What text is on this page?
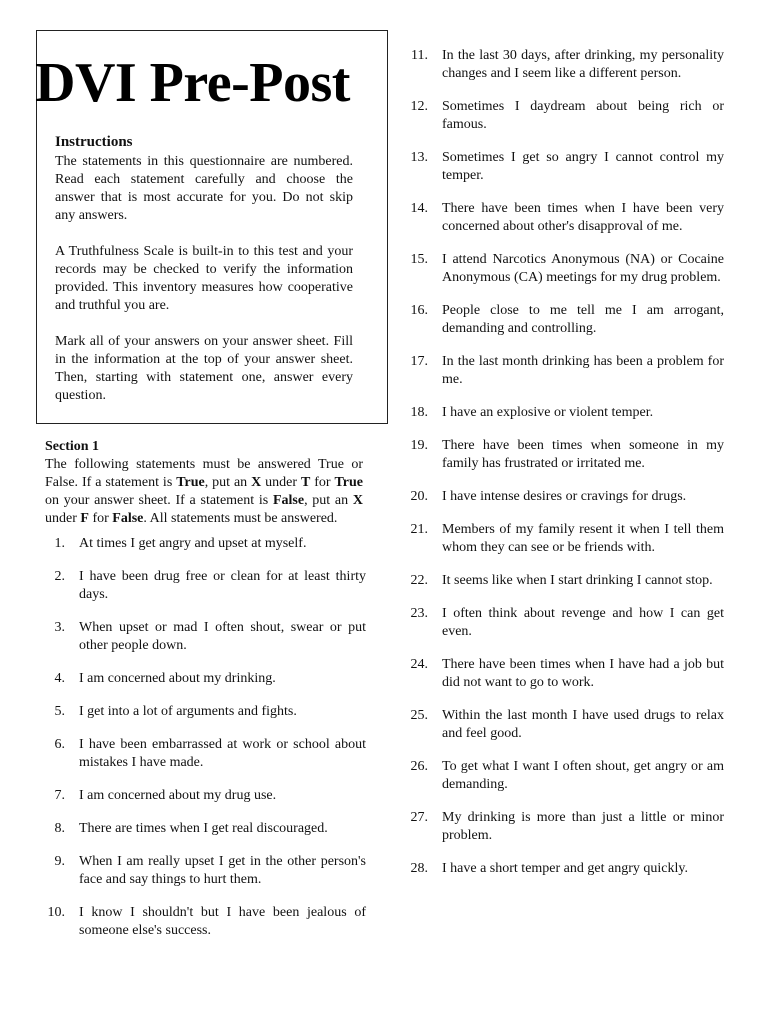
DVI Pre-Post
Instructions

The statements in this questionnaire are numbered. Read each statement carefully and choose the answer that is most accurate for you. Do not skip any answers.

A Truthfulness Scale is built-in to this test and your records may be checked to verify the information provided. This inventory measures how cooperative and truthful you are.

Mark all of your answers on your answer sheet. Fill in the information at the top of your answer sheet. Then, starting with statement one, answer every question.

Section 1

The following statements must be answered True or False. If a statement is True, put an X under T for True on your answer sheet. If a statement is False, put an X under F for False. All statements must be answered.

1.	At times I get angry and upset at myself.
2.	I have been drug free or clean for at least thirty days.
3.	When upset or mad I often shout, swear or put other people down.
4.	I am concerned about my drinking.
5.	I get into a lot of arguments and fights.
6.	I have been embarrassed at work or school about mistakes I have made.
7.	I am concerned about my drug use.
8.	There are times when I get real discouraged.
9.	When I am really upset I get in the other person's face and say things to hurt them.
10.	I know I shouldn't but I have been jealous of someone else's success.
11.	In the last 30 days, after drinking, my personality changes and I seem like a different person.
12.	Sometimes I daydream about being rich or famous.
13.	Sometimes I get so angry I cannot control my temper.
14.	There have been times when I have been very concerned about other's disapproval of me.
15.	I attend Narcotics Anonymous (NA) or Cocaine Anonymous (CA) meetings for my drug problem.
16.	People close to me tell me I am arrogant, demanding and controlling.
17.	In the last month drinking has been a problem for me.
18.	I have an explosive or violent temper.
19.	There have been times when someone in my family has frustrated or irritated me.
20.	I have intense desires or cravings for drugs.
21.	Members of my family resent it when I tell them whom they can see or be friends with.
22.	It seems like when I start drinking I cannot stop.
23.	I often think about revenge and how I can get even.
24.	There have been times when I have had a job but did not want to go to work.
25.	Within the last month I have used drugs to relax and feel good.
26.	To get what I want I often shout, get angry or am demanding.
27.	My drinking is more than just a little or minor problem.
28.	I have a short temper and get angry quickly.
